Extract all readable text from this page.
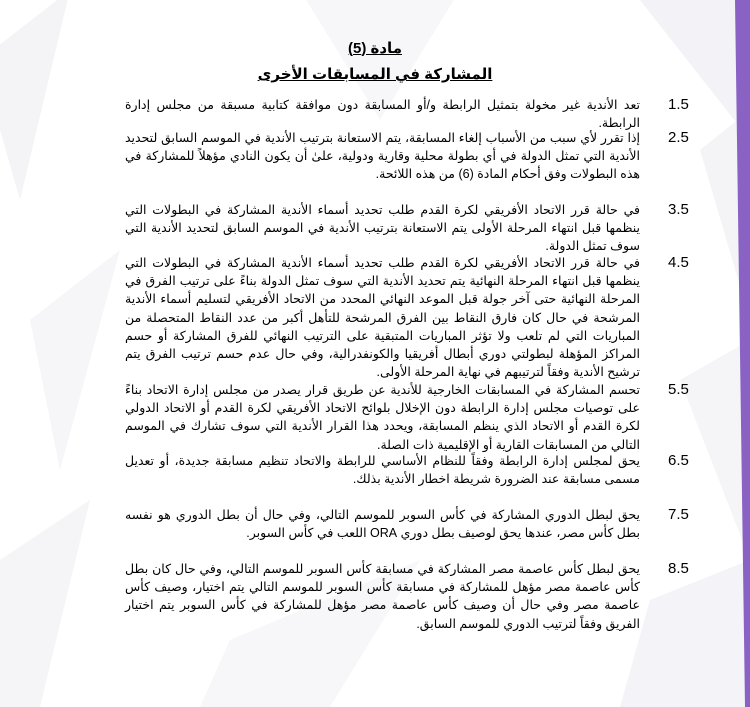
مادة (5)
المشاركة في المسابقات الأخرى
1.5
تعد الأندية غير مخولة بتمثيل الرابطة و/أو المسابقة دون موافقة كتابية مسبقة من مجلس إدارة الرابطة.
2.5
إذا تقرر لأي سبب من الأسباب إلغاء المسابقة، يتم الاستعانة بترتيب الأندية في الموسم السابق لتحديد الأندية التي تمثل الدولة في أي بطولة محلية وقارية ودولية، علىٰ أن يكون النادي مؤهلاً للمشاركة في هذه البطولات وفق أحكام المادة (6) من هذه اللائحة.
3.5
في حالة قرر الاتحاد الأفريقي لكرة القدم طلب تحديد أسماء الأندية المشاركة في البطولات التي ينظمها قبل انتهاء المرحلة الأولى يتم الاستعانة بترتيب الأندية في الموسم السابق لتحديد الأندية التي سوف تمثل الدولة.
4.5
في حالة قرر الاتحاد الأفريقي لكرة القدم طلب تحديد أسماء الأندية المشاركة في البطولات التي ينظمها قبل انتهاء المرحلة النهائية يتم تحديد الأندية التي سوف تمثل الدولة بناءً على ترتيب الفرق في المرحلة النهائية حتى آخر جولة قبل الموعد النهائي المحدد من الاتحاد الأفريقي لتسليم أسماء الأندية المرشحة في حال كان فارق النقاط بين الفرق المرشحة للتأهل أكبر من عدد النقاط المتحصلة من المباريات التي لم تلعب ولا تؤثر المباريات المتبقية على الترتيب النهائي للفرق المشاركة أو حسم المراكز المؤهلة لبطولتي دوري أبطال أفريقيا والكونفدرالية، وفي حال عدم حسم ترتيب الفرق يتم ترشيح الأندية وفقاً لترتيبهم في نهاية المرحلة الأولى.
5.5
تحسم المشاركة في المسابقات الخارجية للأندية عن طريق قرار يصدر من مجلس إدارة الاتحاد بناءً على توصيات مجلس إدارة الرابطة دون الإخلال بلوائح الاتحاد الأفريقي لكرة القدم أو الاتحاد الدولي لكرة القدم أو الاتحاد الذي ينظم المسابقة، ويحدد هذا القرار الأندية التي سوف تشارك في الموسم التالي من المسابقات القارية أو الإقليمية ذات الصلة.
6.5
يحق لمجلس إدارة الرابطة وفقاً للنظام الأساسي للرابطة والاتحاد تنظيم مسابقة جديدة، أو تعديل مسمى مسابقة عند الضرورة شريطة اخطار الأندية بذلك.
7.5
يحق لبطل الدوري المشاركة في كأس السوبر للموسم التالي، وفي حال أن بطل الدوري هو نفسه بطل كأس مصر، عندها يحق لوصيف بطل دوري ORA اللعب في كأس السوبر.
8.5
يحق لبطل كأس عاصمة مصر المشاركة في مسابقة كأس السوبر للموسم التالي، وفي حال كان بطل كأس عاصمة مصر مؤهل للمشاركة في مسابقة كأس السوبر للموسم التالي يتم اختيار، وصيف كأس عاصمة مصر وفي حال أن وصيف كأس عاصمة مصر مؤهل للمشاركة في كأس السوبر يتم اختيار الفريق وفقاً لترتيب الدوري للموسم السابق.
